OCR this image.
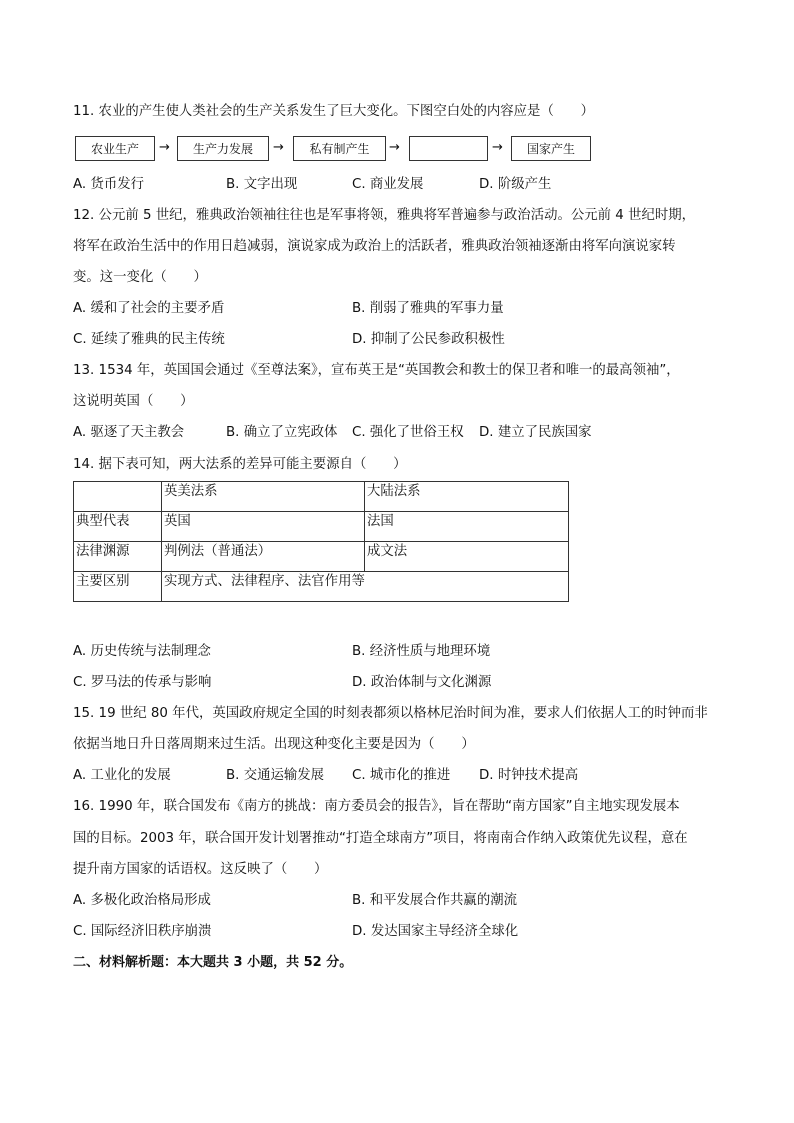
11. 农业的产生使人类社会的生产关系发生了巨大变化。下图空白处的内容应是（　　）
农业生产	→	生产力发展	→	私有制产生	→	→	国家产生
A. 货币发行	B. 文字出现	C. 商业发展	D. 阶级产生
12. 公元前 5 世纪，雅典政治领袖往往也是军事将领，雅典将军普遍参与政治活动。公元前 4 世纪时期，
将军在政治生活中的作用日趋减弱，演说家成为政治上的活跃者，雅典政治领袖逐渐由将军向演说家转
变。这一变化（　　）
A. 缓和了社会的主要矛盾	B. 削弱了雅典的军事力量
C. 延续了雅典的民主传统	D. 抑制了公民参政积极性
13. 1534 年，英国国会通过《至尊法案》，宣布英王是“英国教会和教士的保卫者和唯一的最高领袖”，
这说明英国（　　）
A. 驱逐了天主教会	B. 确立了立宪政体 C. 强化了世俗王权 D. 建立了民族国家
14. 据下表可知，两大法系的差异可能主要源自（　　）
	英美法系	大陆法系
典型代表	英国	法国
法律渊源	判例法（普通法）	成文法
主要区别	实现方式、法律程序、法官作用等	
A. 历史传统与法制理念	B. 经济性质与地理环境
C. 罗马法的传承与影响	D. 政治体制与文化渊源
15. 19 世纪 80 年代，英国政府规定全国的时刻表都须以格林尼治时间为准，要求人们依据人工的时钟而非
依据当地日升日落周期来过生活。出现这种变化主要是因为（　　）
A. 工业化的发展	B. 交通运输发展 C. 城市化的推进 D. 时钟技术提高
16. 1990 年，联合国发布《南方的挑战：南方委员会的报告》，旨在帮助“南方国家”自主地实现发展本
国的目标。2003 年，联合国开发计划署推动“打造全球南方”项目，将南南合作纳入政策优先议程，意在
提升南方国家的话语权。这反映了（　　）
A. 多极化政治格局形成	B. 和平发展合作共赢的潮流
C. 国际经济旧秩序崩溃	D. 发达国家主导经济全球化
二、材料解析题：本大题共 3 小题，共 52 分。
